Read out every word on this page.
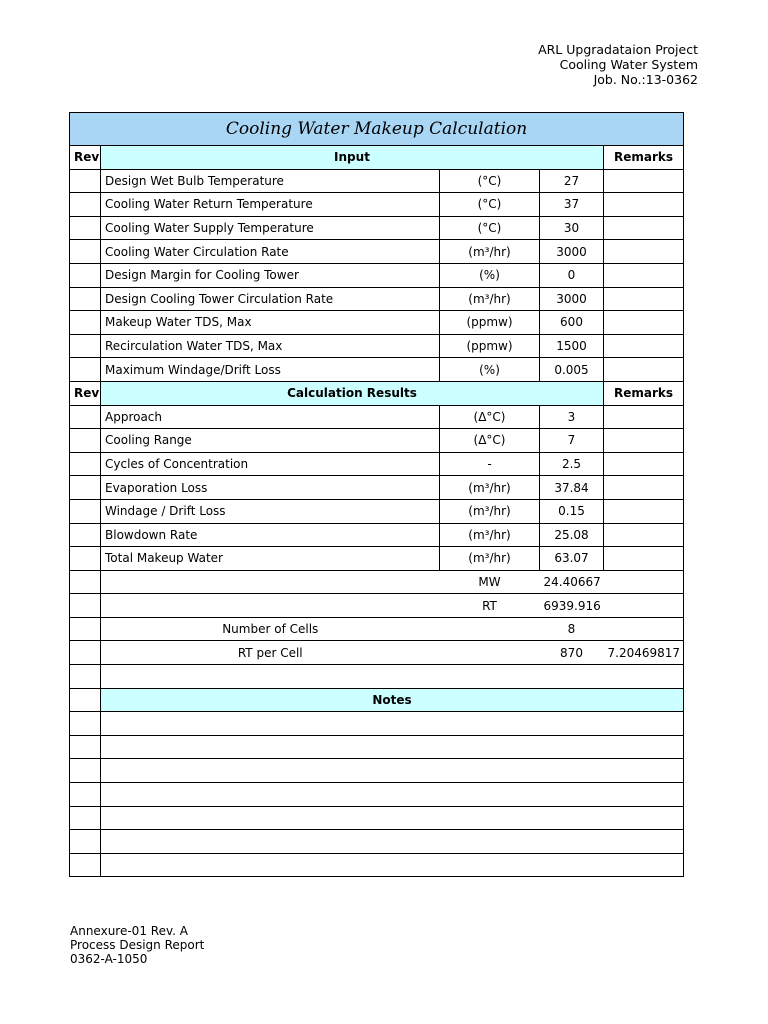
ARL Upgradataion Project
Cooling Water System
Job. No.:13-0362
Cooling Water Makeup Calculation				
Rev	Input			Remarks
	Design Wet Bulb Temperature	(°C)	27	
	Cooling Water Return Temperature	(°C)	37	
	Cooling Water Supply Temperature	(°C)	30	
	Cooling Water Circulation Rate	(m³/hr)	3000	
	Design Margin for Cooling Tower	(%)	0	
	Design Cooling Tower Circulation Rate	(m³/hr)	3000	
	Makeup Water TDS, Max	(ppmw)	600	
	Recirculation Water TDS, Max	(ppmw)	1500	
	Maximum Windage/Drift Loss	(%)	0.005	
Rev	Calculation Results			Remarks
	Approach	(Δ°C)	3	
	Cooling Range	(Δ°C)	7	
	Cycles of Concentration	-	2.5	
	Evaporation Loss	(m³/hr)	37.84	
	Windage / Drift Loss	(m³/hr)	0.15	
	Blowdown Rate	(m³/hr)	25.08	
	Total Makeup Water	(m³/hr)	63.07	
		MW	24.40667	
		RT	6939.916	
	Number of Cells		8	
	RT per Cell		870	7.20469817

	Notes			

Annexure-01 Rev. A
Process Design Report
0362-A-1050
